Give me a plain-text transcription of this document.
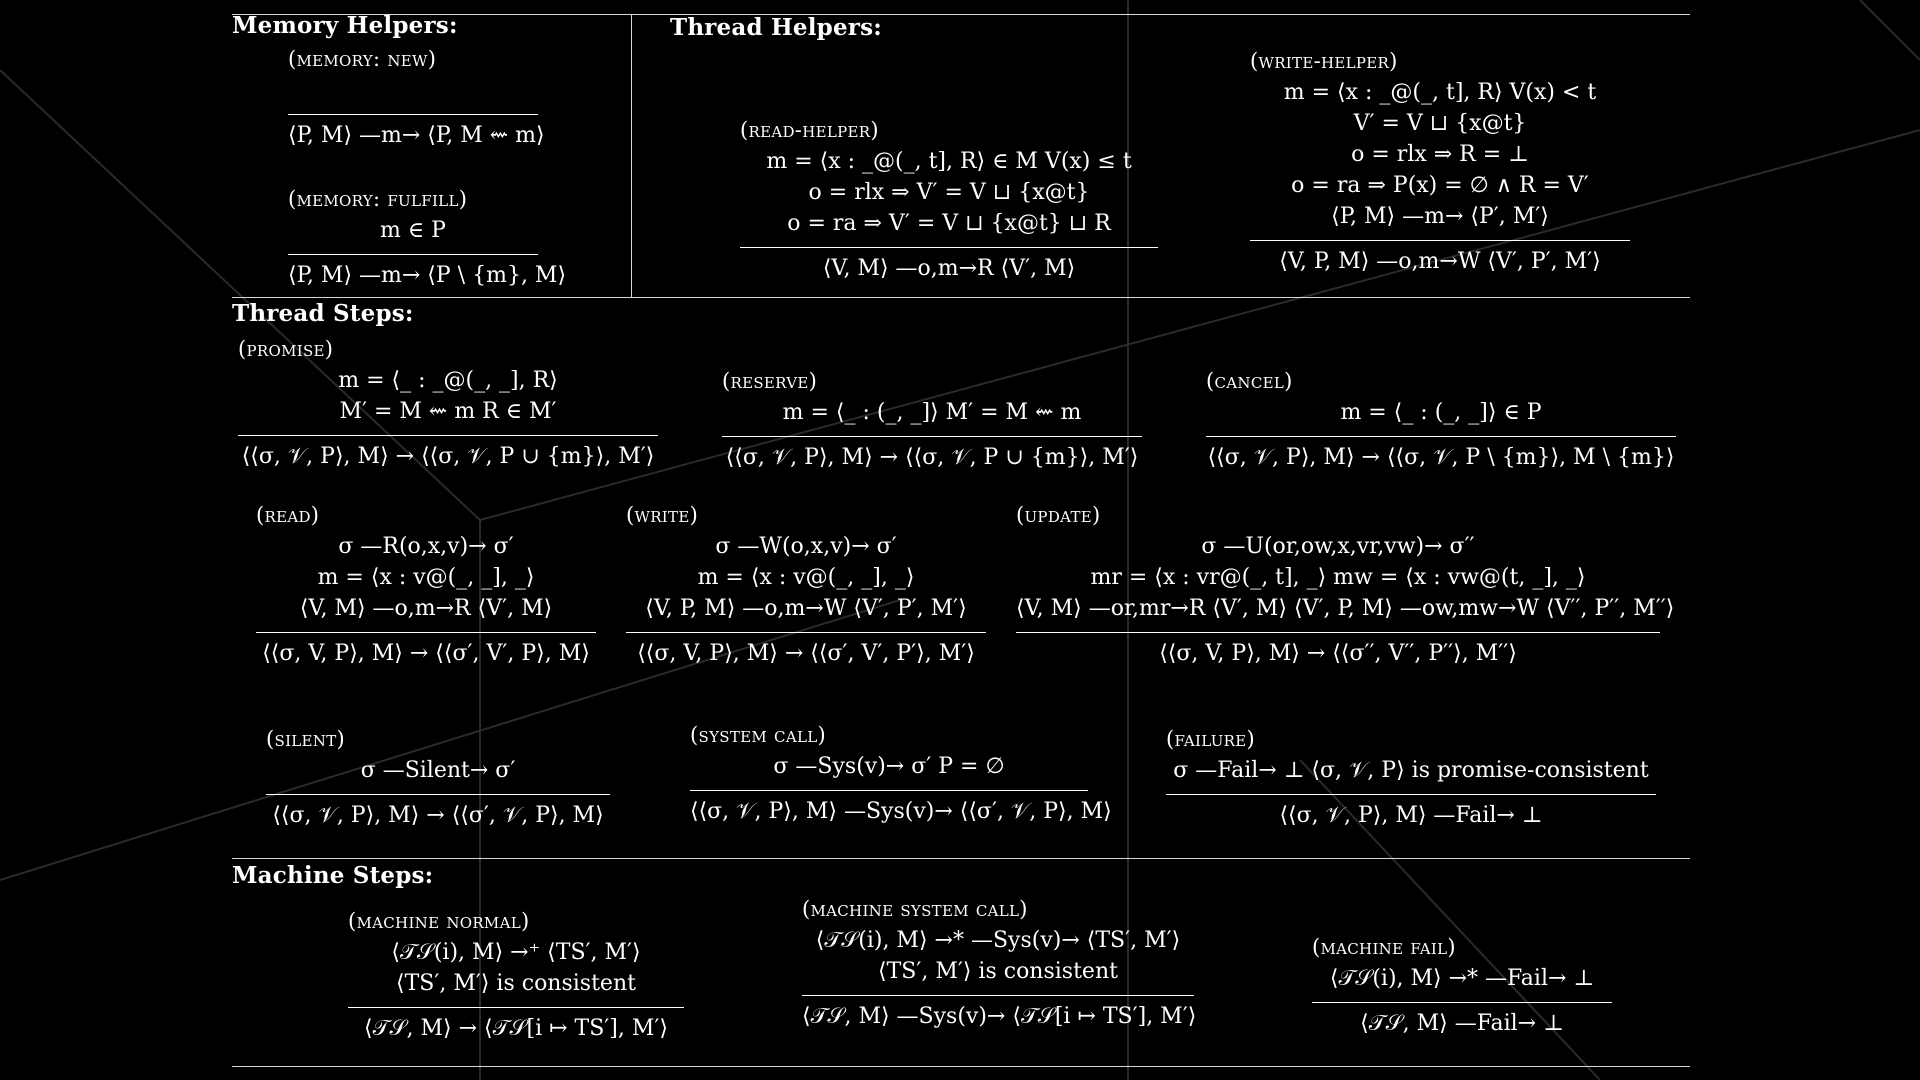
Memory Helpers:	Thread Helpers:
Thread Steps:
Machine Steps:
(memory: new)
⟨P, M⟩ —m→ ⟨P, M ⇜ m⟩
(memory: fulfill)
m ∈ P
⟨P, M⟩ —m→ ⟨P \ {m}, M⟩
(read-helper)
m = ⟨x : _@(_, t], R⟩ ∈ M V(x) ≤ t
o = rlx ⇒ V′ = V ⊔ {x@t}
o = ra ⇒ V′ = V ⊔ {x@t} ⊔ R
⟨V, M⟩ —o,m→R ⟨V′, M⟩
(write-helper)
m = ⟨x : _@(_, t], R⟩ V(x) < t
V′ = V ⊔ {x@t}
o = rlx ⇒ R = ⊥
o = ra ⇒ P(x) = ∅ ∧ R = V′
⟨P, M⟩ —m→ ⟨P′, M′⟩
⟨V, P, M⟩ —o,m→W ⟨V′, P′, M′⟩
(promise)
m = ⟨_ : _@(_, _], R⟩
M′ = M ⇜ m R ∈ M′
⟨⟨σ, 𝒱, P⟩, M⟩ → ⟨⟨σ, 𝒱, P ∪ {m}⟩, M′⟩
(reserve)
m = ⟨_ : (_, _]⟩ M′ = M ⇜ m
⟨⟨σ, 𝒱, P⟩, M⟩ → ⟨⟨σ, 𝒱, P ∪ {m}⟩, M′⟩
(cancel)
m = ⟨_ : (_, _]⟩ ∈ P
⟨⟨σ, 𝒱, P⟩, M⟩ → ⟨⟨σ, 𝒱, P \ {m}⟩, M \ {m}⟩
(read)
σ —R(o,x,v)→ σ′
m = ⟨x : v@(_, _], _⟩
⟨V, M⟩ —o,m→R ⟨V′, M⟩
⟨⟨σ, V, P⟩, M⟩ → ⟨⟨σ′, V′, P⟩, M⟩
(write)
σ —W(o,x,v)→ σ′
m = ⟨x : v@(_, _], _⟩
⟨V, P, M⟩ —o,m→W ⟨V′, P′, M′⟩
⟨⟨σ, V, P⟩, M⟩ → ⟨⟨σ′, V′, P′⟩, M′⟩
(update)
σ —U(or,ow,x,vr,vw)→ σ′′
mr = ⟨x : vr@(_, t], _⟩ mw = ⟨x : vw@(t, _], _⟩
⟨V, M⟩ —or,mr→R ⟨V′, M⟩ ⟨V′, P, M⟩ —ow,mw→W ⟨V′′, P′′, M′′⟩
⟨⟨σ, V, P⟩, M⟩ → ⟨⟨σ′′, V′′, P′′⟩, M′′⟩
(silent)
σ —Silent→ σ′
⟨⟨σ, 𝒱, P⟩, M⟩ → ⟨⟨σ′, 𝒱, P⟩, M⟩
(system call)
σ —Sys(v)→ σ′ P = ∅
⟨⟨σ, 𝒱, P⟩, M⟩ —Sys(v)→ ⟨⟨σ′, 𝒱, P⟩, M⟩
(failure)
σ —Fail→ ⊥ ⟨σ, 𝒱, P⟩ is promise-consistent
⟨⟨σ, 𝒱, P⟩, M⟩ —Fail→ ⊥
(machine normal)
⟨𝒯𝒮(i), M⟩ →⁺ ⟨TS′, M′⟩
⟨TS′, M′⟩ is consistent
⟨𝒯𝒮, M⟩ → ⟨𝒯𝒮[i ↦ TS′], M′⟩
(machine system call)
⟨𝒯𝒮(i), M⟩ →* —Sys(v)→ ⟨TS′, M′⟩
⟨TS′, M′⟩ is consistent
⟨𝒯𝒮, M⟩ —Sys(v)→ ⟨𝒯𝒮[i ↦ TS′], M′⟩
(machine fail)
⟨𝒯𝒮(i), M⟩ →* —Fail→ ⊥
⟨𝒯𝒮, M⟩ —Fail→ ⊥
